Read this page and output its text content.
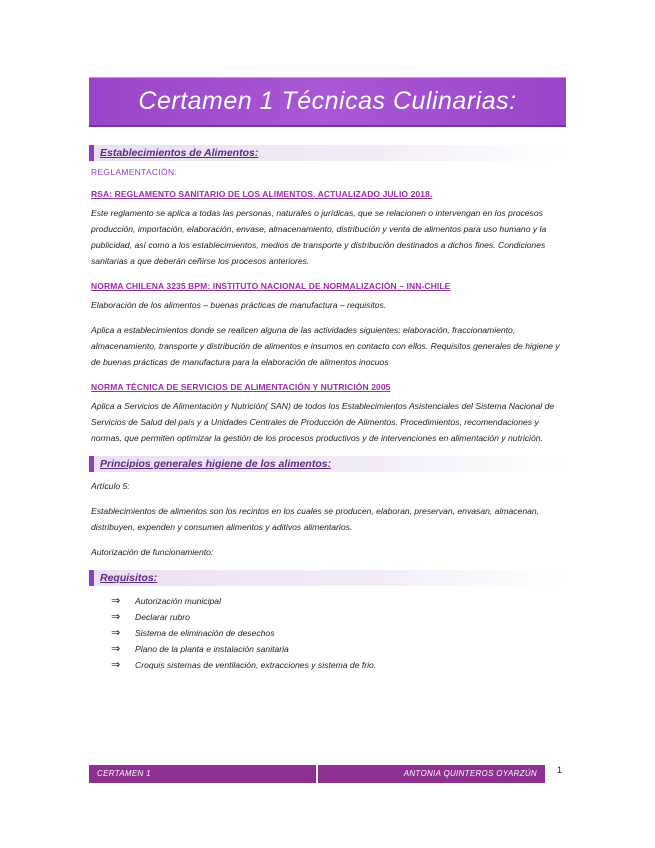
Certamen 1 Técnicas Culinarias:
Establecimientos de Alimentos:
REGLAMENTACIÓN:
RSA: REGLAMENTO SANITARIO DE LOS ALIMENTOS. ACTUALIZADO JULIO 2018.
Este reglamento se aplica a todas las personas, naturales o jurídicas, que se relacionen o intervengan en los procesos producción, importación, elaboración, envase, almacenamiento, distribución y venta de alimentos para uso humano y la publicidad, así como a los establecimientos, medios de transporte y distribución destinados a dichos fines. Condiciones sanitarias a que deberán ceñirse los procesos anteriores.
NORMA CHILENA 3235 BPM: INSTITUTO NACIONAL DE NORMALIZACIÓN – INN-CHILE
Elaboración de los alimentos – buenas prácticas de manufactura – requisitos.
Aplica a establecimientos donde se realicen alguna de las actividades siguientes: elaboración, fraccionamiento, almacenamiento, transporte y distribución de alimentos e insumos en contacto con ellos. Requisitos generales de higiene y de buenas prácticas de manufactura para la elaboración de alimentos inocuos
NORMA TÉCNICA DE SERVICIOS DE ALIMENTACIÓN Y NUTRICIÓN 2005
Aplica a Servicios de Alimentación y Nutrición( SAN) de todos los Establecimientos Asistenciales del Sistema Nacional de Servicios de Salud del país y a Unidades Centrales de Producción de Alimentos. Procedimientos, recomendaciones y normas, que permiten optimizar la gestión de los procesos productivos y de intervenciones en alimentación y nutrición.
Principios generales higiene de los alimentos:
Artículo 5:
Establecimientos de alimentos son los recintos en los cuales se producen, elaboran, preservan, envasan, almacenan, distribuyen, expenden y consumen alimentos y aditivos alimentarios.
Autorización de funcionamiento:
Requisitos:
⇒	Autorización municipal
⇒	Declarar rubro
⇒	Sistema de eliminación de desechos
⇒	Plano de la planta e instalación sanitaria
⇒	Croquis sistemas de ventilación, extracciones y sistema de frio.
CERTAMEN 1	ANTONIA QUINTEROS OYARZÚN	1
